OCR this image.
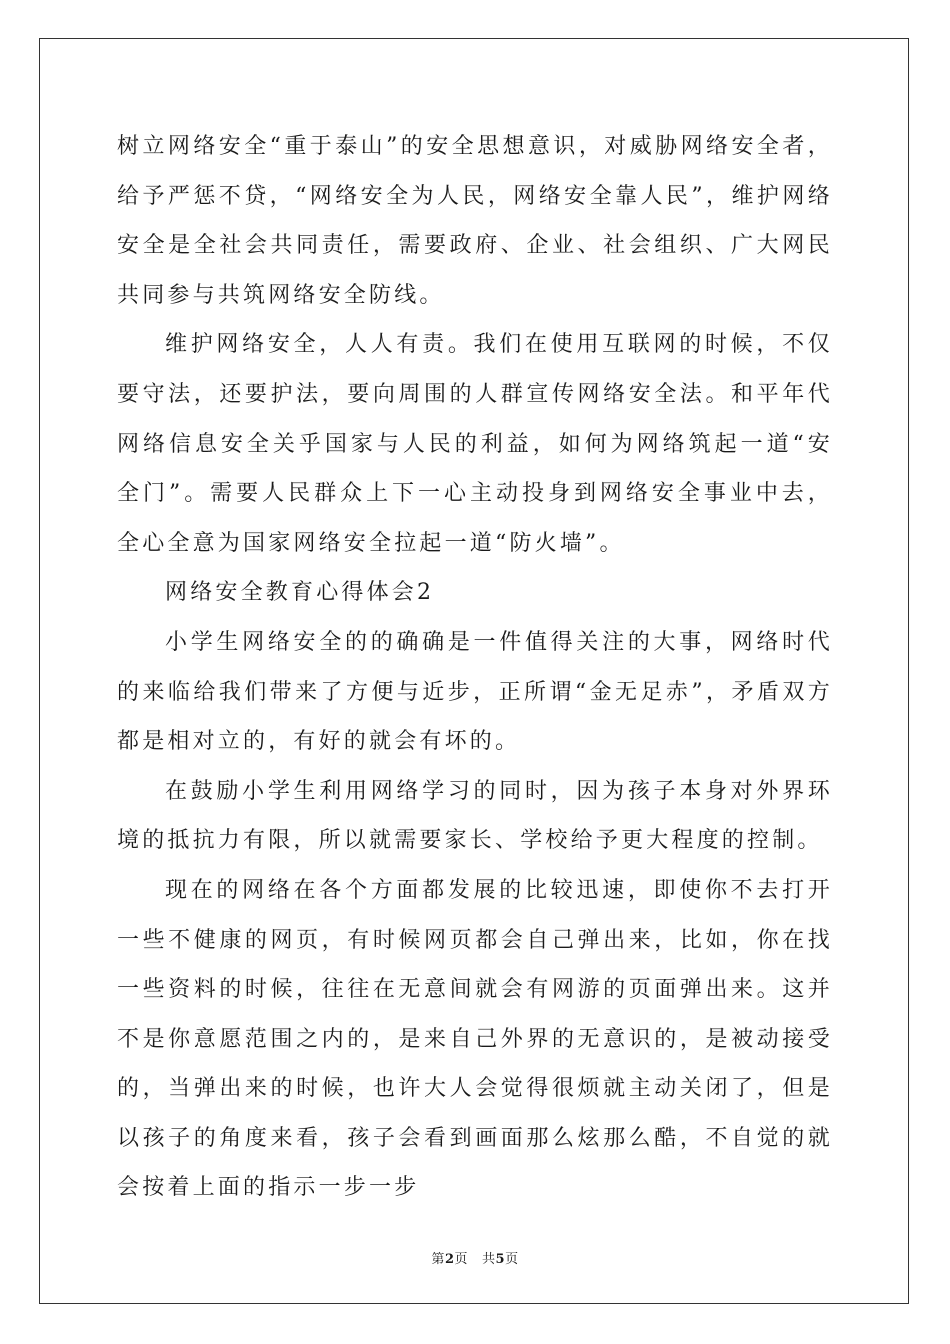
树立网络安全“重于泰山”的安全思想意识，对威胁网络安全者，给予严惩不贷，“网络安全为人民，网络安全靠人民”，维护网络安全是全社会共同责任，需要政府、企业、社会组织、广大网民共同参与共筑网络安全防线。

维护网络安全，人人有责。我们在使用互联网的时候，不仅要守法，还要护法，要向周围的人群宣传网络安全法。和平年代网络信息安全关乎国家与人民的利益，如何为网络筑起一道“安全门”。需要人民群众上下一心主动投身到网络安全事业中去，全心全意为国家网络安全拉起一道“防火墙”。

网络安全教育心得体会2

小学生网络安全的的确确是一件值得关注的大事，网络时代的来临给我们带来了方便与近步，正所谓“金无足赤”，矛盾双方都是相对立的，有好的就会有坏的。

在鼓励小学生利用网络学习的同时，因为孩子本身对外界环境的抵抗力有限，所以就需要家长、学校给予更大程度的控制。

现在的网络在各个方面都发展的比较迅速，即使你不去打开一些不健康的网页，有时候网页都会自己弹出来，比如，你在找一些资料的时候，往往在无意间就会有网游的页面弹出来。这并不是你意愿范围之内的，是来自己外界的无意识的，是被动接受的，当弹出来的时候，也许大人会觉得很烦就主动关闭了，但是以孩子的角度来看，孩子会看到画面那么炫那么酷，不自觉的就会按着上面的指示一步一步

第2页 共5页
